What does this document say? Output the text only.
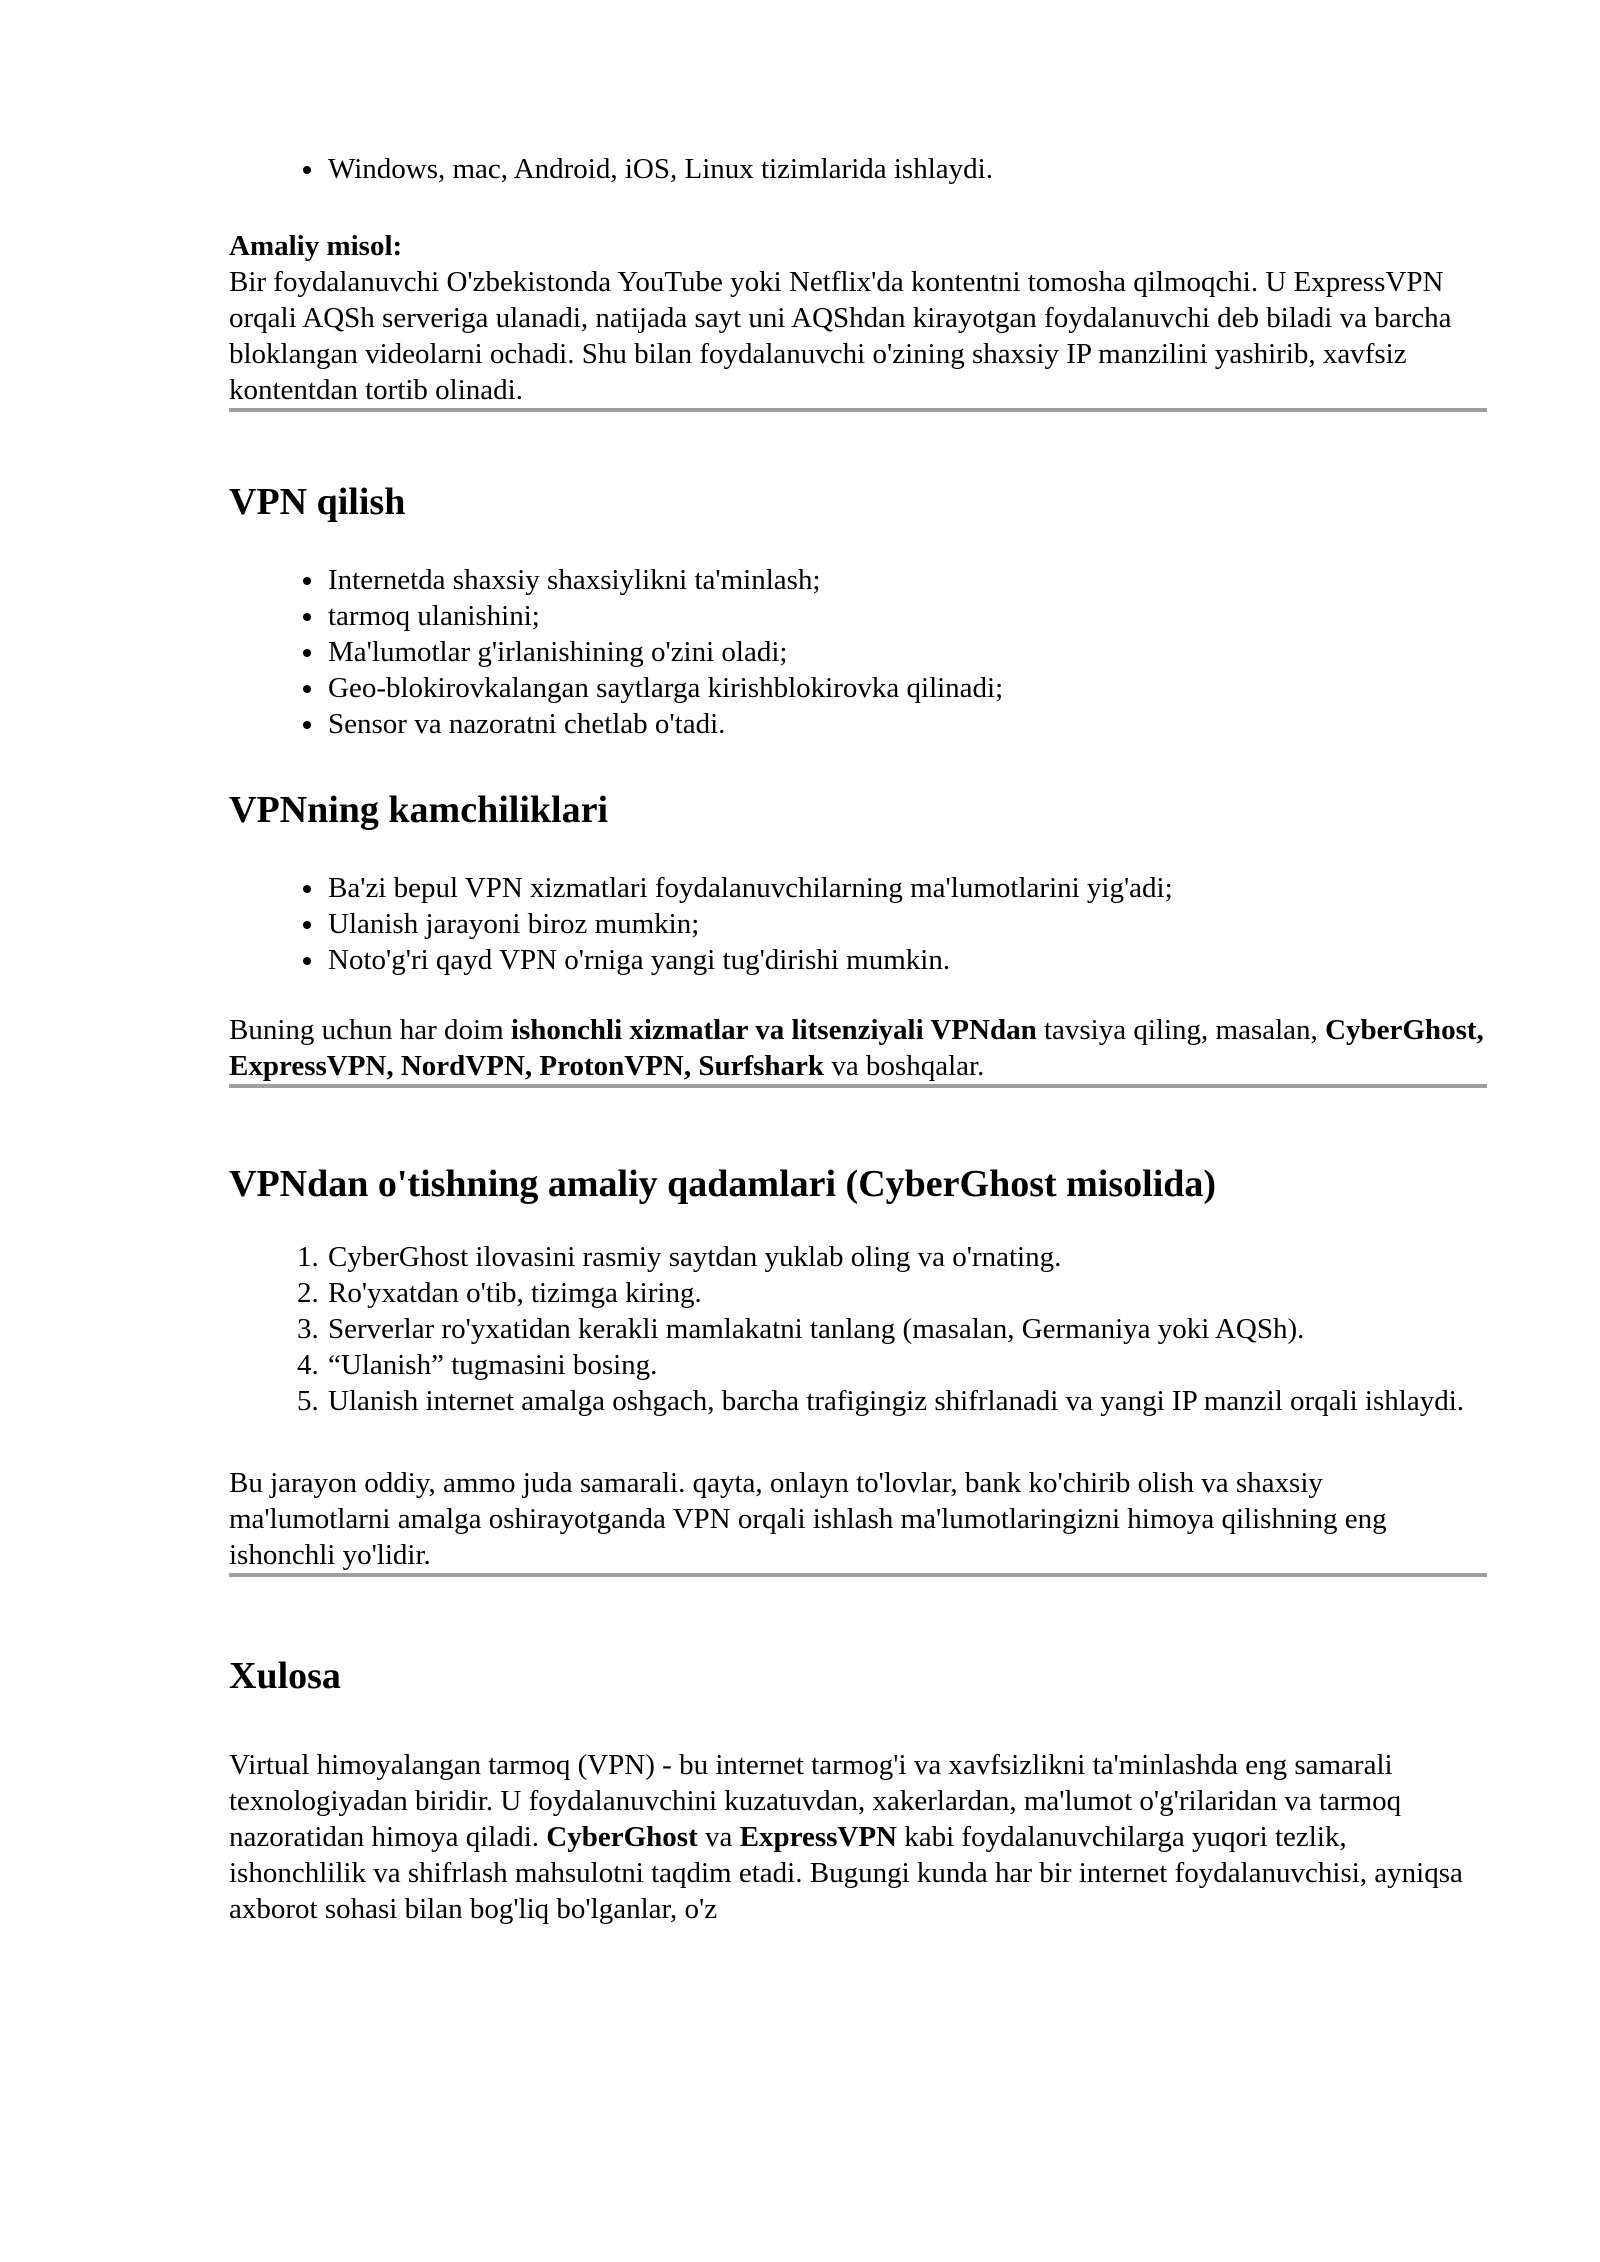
• Windows, mac, Android, iOS, Linux tizimlarida ishlaydi.

Amaliy misol:

Bir foydalanuvchi O'zbekistonda YouTube yoki Netflix'da kontentni tomosha qilmoqchi. U ExpressVPN orqali AQSh serveriga ulanadi, natijada sayt uni AQShdan kirayotgan foydalanuvchi deb biladi va barcha bloklangan videolarni ochadi. Shu bilan foydalanuvchi o'zining shaxsiy IP manzilini yashirib, xavfsiz kontentdan tortib olinadi.

VPN qilish
• Internetda shaxsiy shaxsiylikni ta'minlash;
• tarmoq ulanishini;
• Ma'lumotlar g'irlanishining o'zini oladi;
• Geo-blokirovkalangan saytlarga kirishblokirovka qilinadi;
• Sensor va nazoratni chetlab o'tadi.
VPNning kamchiliklari
• Ba'zi bepul VPN xizmatlari foydalanuvchilarning ma'lumotlarini yig'adi;
• Ulanish jarayoni biroz mumkin;
• Noto'g'ri qayd VPN o'rniga yangi tug'dirishi mumkin.

Buning uchun har doim ishonchli xizmatlar va litsenziyali VPNdan tavsiya qiling, masalan, CyberGhost, ExpressVPN, NordVPN, ProtonVPN, Surfshark va boshqalar.

VPNdan o'tishning amaliy qadamlari (CyberGhost misolida)
1. CyberGhost ilovasini rasmiy saytdan yuklab oling va o'rnating.
2. Ro'yxatdan o'tib, tizimga kiring.
3. Serverlar ro'yxatidan kerakli mamlakatni tanlang (masalan, Germaniya yoki AQSh).
4. “Ulanish” tugmasini bosing.
5. Ulanish internet amalga oshgach, barcha trafigingiz shifrlanadi va yangi IP manzil orqali ishlaydi.

Bu jarayon oddiy, ammo juda samarali. qayta, onlayn to'lovlar, bank ko'chirib olish va shaxsiy ma'lumotlarni amalga oshirayotganda VPN orqali ishlash ma'lumotlaringizni himoya qilishning eng ishonchli yo'lidir.

Xulosa

Virtual himoyalangan tarmoq (VPN) - bu internet tarmog'i va xavfsizlikni ta'minlashda eng samarali texnologiyadan biridir. U foydalanuvchini kuzatuvdan, xakerlardan, ma'lumot o'g'rilaridan va tarmoq nazoratidan himoya qiladi. CyberGhost va ExpressVPN kabi foydalanuvchilarga yuqori tezlik, ishonchlilik va shifrlash mahsulotni taqdim etadi. Bugungi kunda har bir internet foydalanuvchisi, ayniqsa axborot sohasi bilan bog'liq bo'lganlar, o'z
